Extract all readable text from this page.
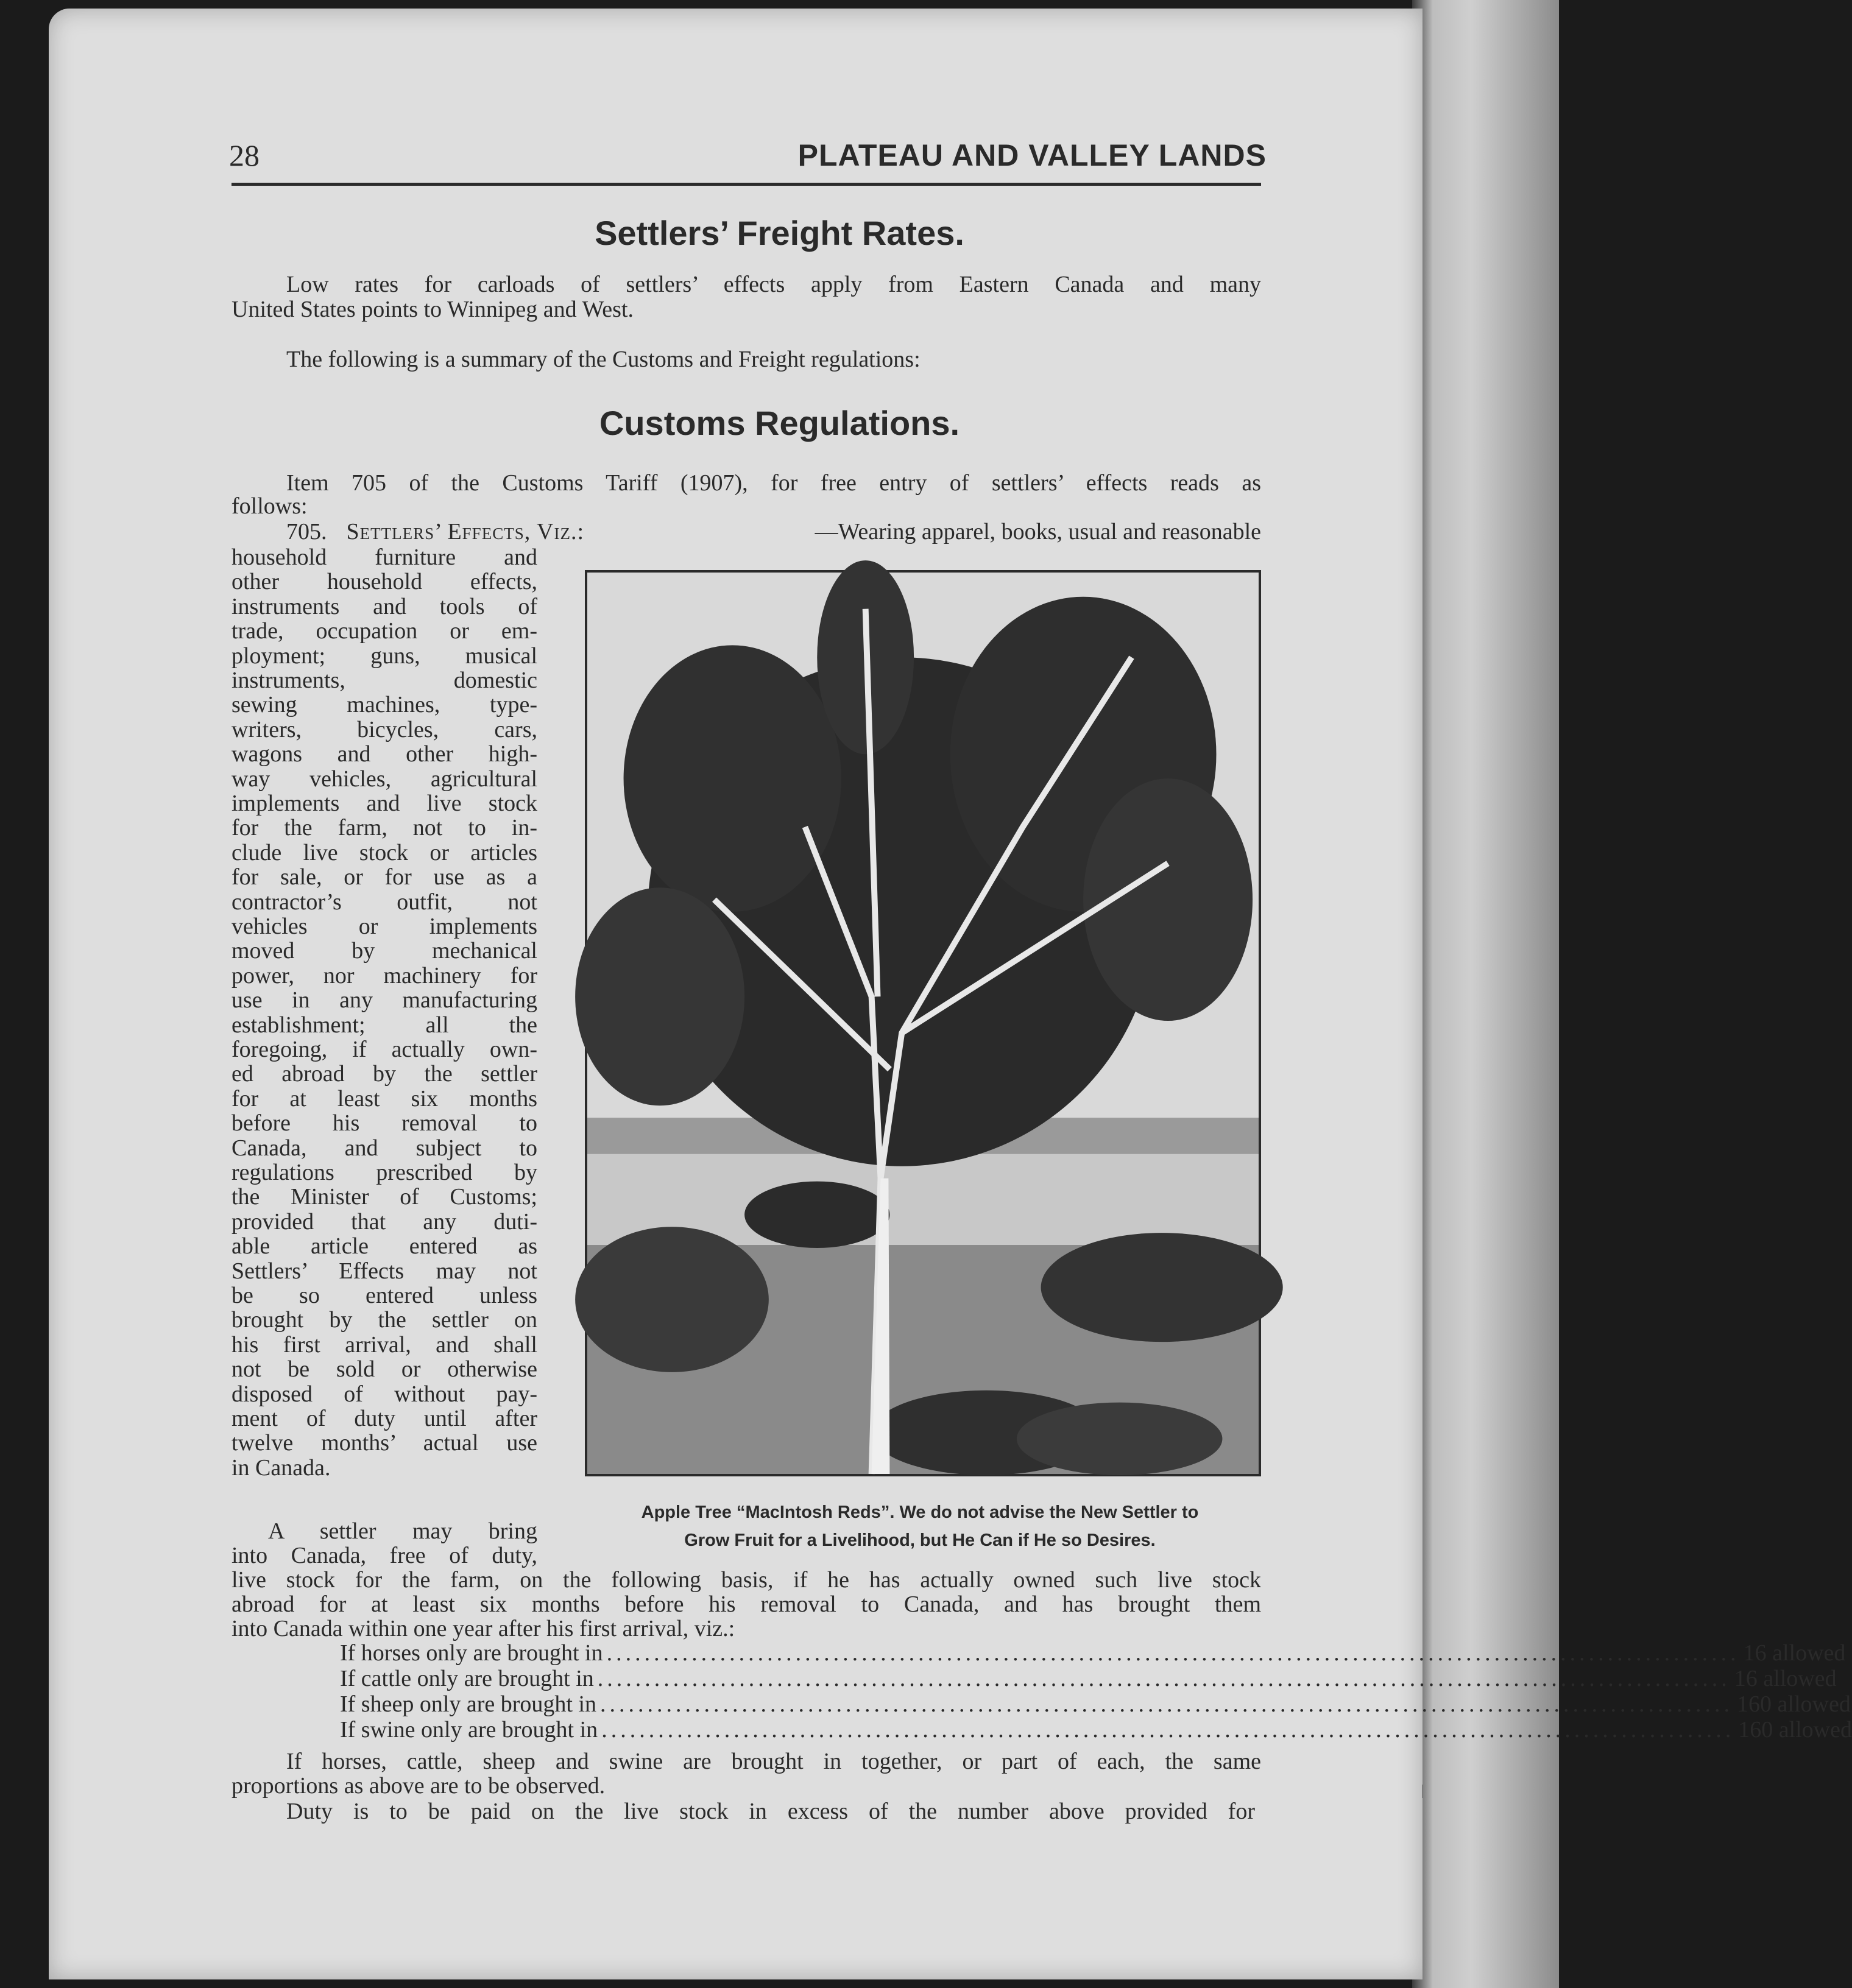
28	PLATEAU AND VALLEY LANDS
Settlers’ Freight Rates.
Low rates for carloads of settlers’ effects apply from Eastern Canada and many
United States points to Winnipeg and West.
The following is a summary of the Customs and Freight regulations:
Customs Regulations.
Item 705 of the Customs Tariff (1907), for free entry of settlers’ effects reads as
follows:
705. Settlers’ Effects, Viz.:	—Wearing apparel, books, usual and reasonable
household furniture and
other household effects,
instruments and tools of
trade, occupation or em-
ployment; guns, musical
instruments, domestic
sewing machines, type-
writers, bicycles, cars,
wagons and other high-
way vehicles, agricultural
implements and live stock
for the farm, not to in-
clude live stock or articles
for sale, or for use as a
contractor’s outfit, not
vehicles or implements
moved by mechanical
power, nor machinery for
use in any manufacturing
establishment; all the
foregoing, if actually own-
ed abroad by the settler
for at least six months
before his removal to
Canada, and subject to
regulations prescribed by
the Minister of Customs;
provided that any duti-
able article entered as
Settlers’ Effects may not
be so entered unless
brought by the settler on
his first arrival, and shall
not be sold or otherwise
disposed of without pay-
ment of duty until after
twelve months’ actual use
in Canada.
Apple Tree “MacIntosh Reds”. We do not advise the New Settler to
Grow Fruit for a Livelihood, but He Can if He so Desires.
A settler may bring
into Canada, free of duty,
live stock for the farm, on the following basis, if he has actually owned such live stock
abroad for at least six months before his removal to Canada, and has brought them
into Canada within one year after his first arrival, viz.:
If horses only are brought in ........................................................................................................................ 16 allowed
If cattle only are brought in ........................................................................................................................ 16 allowed
If sheep only are brought in ........................................................................................................................ 160 allowed
If swine only are brought in ........................................................................................................................ 160 allowed
If horses, cattle, sheep and swine are brought in together, or part of each, the same
proportions as above are to be observed.
Duty is to be paid on the live stock in excess of the number above provided for
